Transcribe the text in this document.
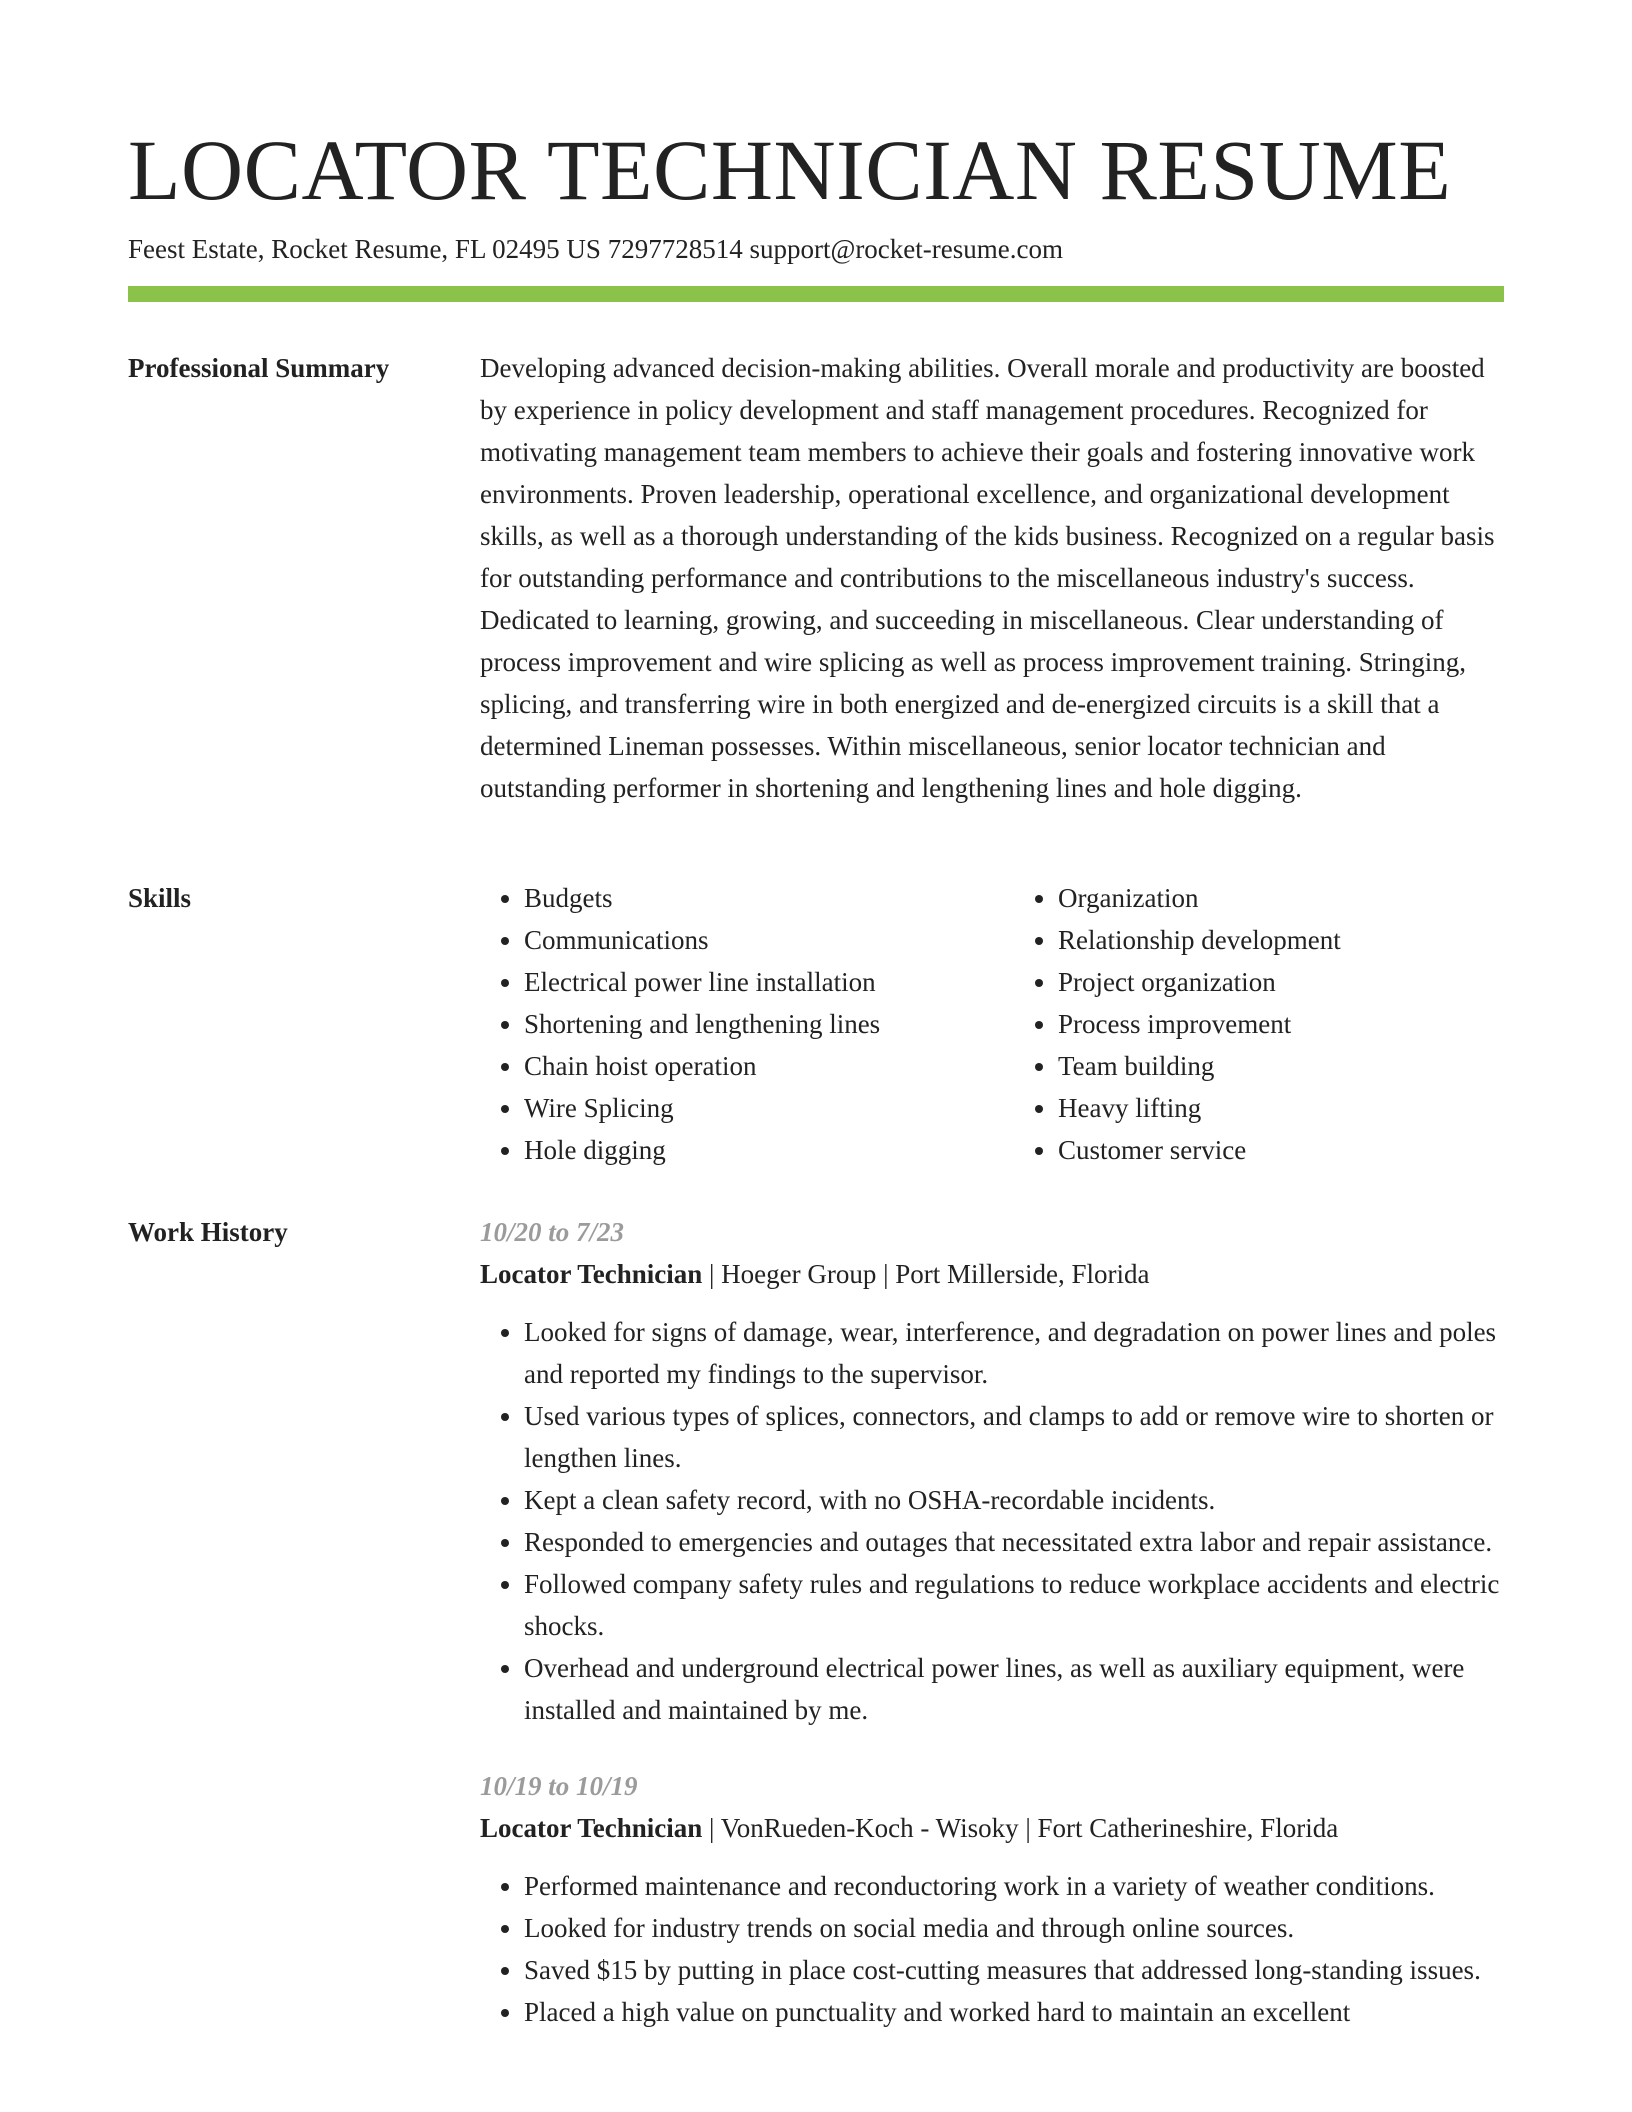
LOCATOR TECHNICIAN RESUME
Feest Estate, Rocket Resume, FL 02495 US 7297728514 support@rocket-resume.com
Professional Summary	Developing advanced decision-making abilities. Overall morale and productivity are boosted by experience in policy development and staff management procedures. Recognized for motivating management team members to achieve their goals and fostering innovative work environments. Proven leadership, operational excellence, and organizational development skills, as well as a thorough understanding of the kids business. Recognized on a regular basis for outstanding performance and contributions to the miscellaneous industry's success. Dedicated to learning, growing, and succeeding in miscellaneous. Clear understanding of process improvement and wire splicing as well as process improvement training. Stringing, splicing, and transferring wire in both energized and de-energized circuits is a skill that a determined Lineman possesses. Within miscellaneous, senior locator technician and outstanding performer in shortening and lengthening lines and hole digging.

Skills
•	Budgets
• Communications
• Electrical power line installation
• Shortening and lengthening lines
• Chain hoist operation
• Wire Splicing
• Hole digging
• Organization
• Relationship development
• Project organization
• Process improvement
• Team building
• Heavy lifting
• Customer service
Work History	10/20 to 7/23
Locator Technician | Hoeger Group | Port Millerside, Florida
• Looked for signs of damage, wear, interference, and degradation on power lines and poles and reported my findings to the supervisor.
• Used various types of splices, connectors, and clamps to add or remove wire to shorten or lengthen lines.
• Kept a clean safety record, with no OSHA-recordable incidents.
• Responded to emergencies and outages that necessitated extra labor and repair assistance.
• Followed company safety rules and regulations to reduce workplace accidents and electric shocks.
• Overhead and underground electrical power lines, as well as auxiliary equipment, were installed and maintained by me.
10/19 to 10/19
Locator Technician | VonRueden-Koch - Wisoky | Fort Catherineshire, Florida
• Performed maintenance and reconductoring work in a variety of weather conditions.
• Looked for industry trends on social media and through online sources.
• Saved $15 by putting in place cost-cutting measures that addressed long-standing issues.
• Placed a high value on punctuality and worked hard to maintain an excellent
